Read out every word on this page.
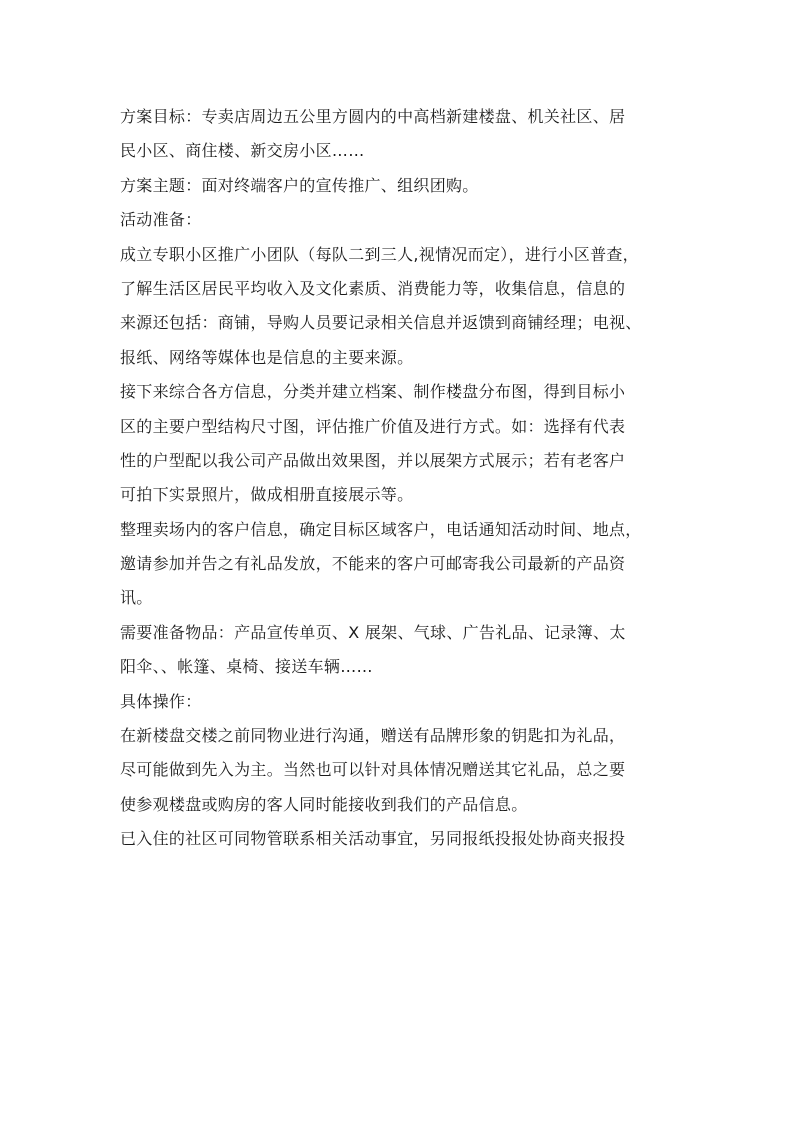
方案目标：专卖店周边五公里方圆内的中高档新建楼盘、机关社区、居
民小区、商住楼、新交房小区……
方案主题：面对终端客户的宣传推广、组织团购。
活动准备：
成立专职小区推广小团队（每队二到三人,视情况而定），进行小区普查，
了解生活区居民平均收入及文化素质、消费能力等，收集信息，信息的
来源还包括：商铺，导购人员要记录相关信息并返馈到商铺经理；电视、
报纸、网络等媒体也是信息的主要来源。
接下来综合各方信息，分类并建立档案、制作楼盘分布图，得到目标小
区的主要户型结构尺寸图，评估推广价值及进行方式。如：选择有代表
性的户型配以我公司产品做出效果图，并以展架方式展示；若有老客户
可拍下实景照片，做成相册直接展示等。
整理卖场内的客户信息，确定目标区域客户，电话通知活动时间、地点，
邀请参加并告之有礼品发放，不能来的客户可邮寄我公司最新的产品资
讯。
需要准备物品：产品宣传单页、X 展架、气球、广告礼品、记录簿、太
阳伞、、帐篷、桌椅、接送车辆……
具体操作：
在新楼盘交楼之前同物业进行沟通，赠送有品牌形象的钥匙扣为礼品，
尽可能做到先入为主。当然也可以针对具体情况赠送其它礼品，总之要
使参观楼盘或购房的客人同时能接收到我们的产品信息。
已入住的社区可同物管联系相关活动事宜，另同报纸投报处协商夹报投
